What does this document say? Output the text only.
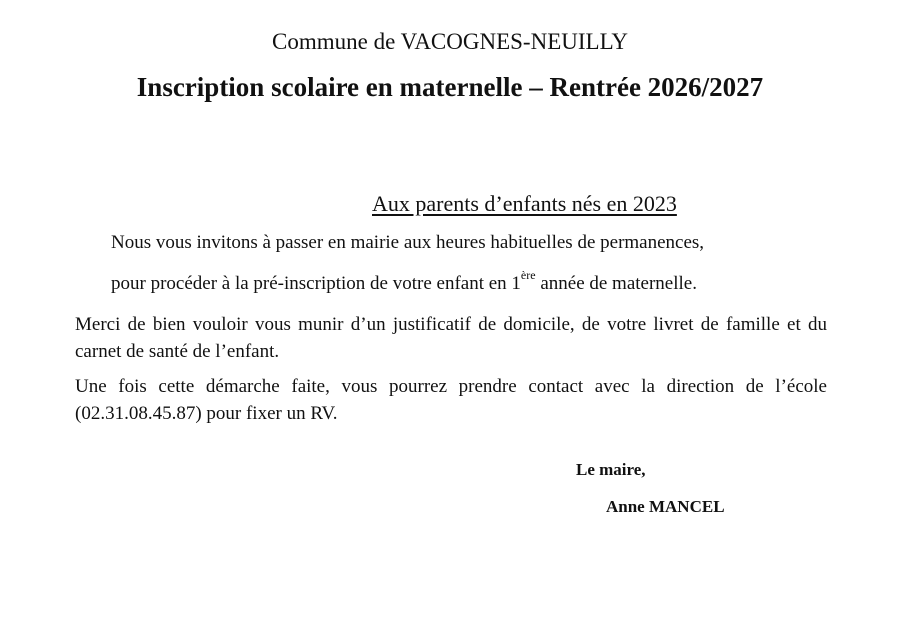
Commune de VACOGNES-NEUILLY
Inscription scolaire en maternelle – Rentrée 2026/2027
Aux parents d’enfants nés en 2023
Nous vous invitons à passer en mairie aux heures habituelles de permanences,
pour procéder à la pré-inscription de votre enfant en 1ère année de maternelle.
Merci de bien vouloir vous munir d’un justificatif de domicile, de votre livret de famille et du carnet de santé de l’enfant.
Une fois cette démarche faite, vous pourrez prendre contact avec la direction de l’école (02.31.08.45.87) pour fixer un RV.
Le maire,
Anne MANCEL
